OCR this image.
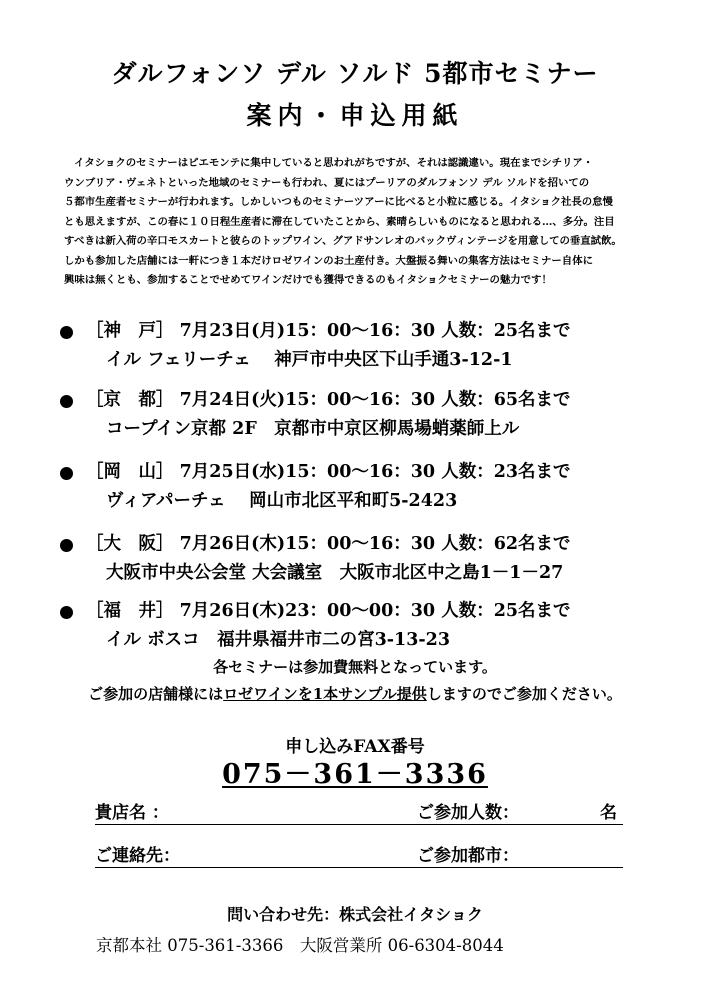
ダルフォンソ デル ソルド 5都市セミナー
案内・申込用紙
イタショクのセミナーはピエモンテに集中していると思われがちですが、それは認識違い。現在までシチリア・
ウンブリア・ヴェネトといった地域のセミナーも行われ、夏にはプーリアのダルフォンソ デル ソルドを招いての
５都市生産者セミナーが行われます。しかしいつものセミナーツアーに比べると小粒に感じる。イタショク社長の怠慢
とも思えますが、この春に１０日程生産者に滞在していたことから、素晴らしいものになると思われる…、多分。注目
すべきは新入荷の辛口モスカートと彼らのトップワイン、グアドサンレオのバックヴィンテージを用意しての垂直試飲。
しかも参加した店舗には一軒につき１本だけロゼワインのお土産付き。大盤振る舞いの集客方法はセミナー自体に
興味は無くとも、参加することでせめてワインだけでも獲得できるのもイタショクセミナーの魅力です！
［神　戸］ 7月23日(月)15：00～16：30 人数：25名まで
イル フェリーチェ　 神戸市中央区下山手通3-12-1
［京　都］ 7月24日(火)15：00～16：30 人数：65名まで
コープイン京都 2F　京都市中京区柳馬場蛸薬師上ル
［岡　山］ 7月25日(水)15：00～16：30 人数：23名まで
ヴィアパーチェ　 岡山市北区平和町5-2423
［大　阪］ 7月26日(木)15：00～16：30 人数：62名まで
大阪市中央公会堂 大会議室　大阪市北区中之島1－1－27
［福　井］ 7月26日(木)23：00～00：30 人数：25名まで
イル ボスコ　福井県福井市二の宮3-13-23
各セミナーは参加費無料となっています。
ご参加の店舗様にはロゼワインを1本サンプル提供しますのでご参加ください。
申し込みFAX番号
075－361－3336
貴店名 ：	ご参加人数：	名
ご連絡先：	ご参加都市：
問い合わせ先：株式会社イタショク
京都本社 075-361-3366　大阪営業所 06-6304-8044
